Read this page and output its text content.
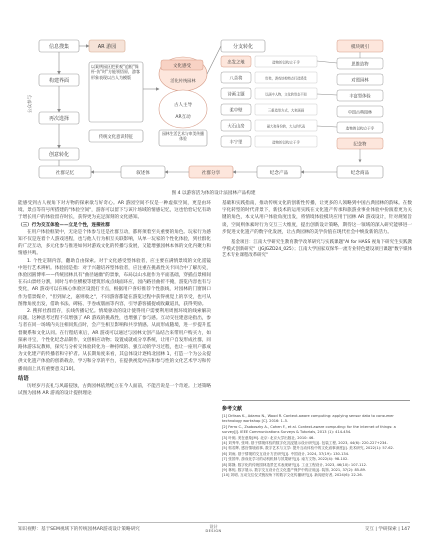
信息搜集
构建界面
再次选择
创意转化
公众参与
AR 游园
以案例园区把景观"追根"保杆·仿"时"方能领悟原，游客形象表现以古人为模版
传统文化意识特征
文化感受
活化传统园林
古人主导
AR互动
园林生活艺术与审美传播体验
分支转化
出发之地
八音将
诗画主题
柔中壁
大石山房
丰宁里
造物的以构立于乎
形象，游戏结构特点打造感受
以画中人物，文化的形态不知
三重造形方式，大家画画
最大和身份的，大人的代表
造物的以构立于乎
模块吸引
思维造物
对照园林
丰富型体验
中国古典园林
造物的以构立于乎
纪念物
社群记忆	叙述体	社群分享	纪念产品	纪念商品
图 4 以游客活为体的设计法园林产品构建

能感受到古人视角下对方物的探索欲与好奇心。AR 游园空间不仅是一种虚拟空间，更是由环境、景点等符号所搭建的"体验空间"，游客可以留下与该片场域的情感记忆，这也恰恰记忆有助于增长用户的体验留存时长，获得更为充足深刻的文化感知。

（三）行为交互体验——立足个性，连接社群

在用户体验框架中，无论是个体参与还是社群互动，都将须着至关重要的角色。玩家行为感知不仅是连着个人游戏进程，也与他人行为相互关联影响，从单一玩家的个性化体验，到社群化的广泛互动，多元化参与推进如何对游戏文化的传播与发展，又能增强园林本体的文化内聚力和情感共鸣。

1. 个性定制内容，翻助自由探索。对于文化感受型体验者，应主要在满情景境的文化遥镜中进行艺术辨析。体验园是指：对于兴趣培养型体验者，应注重在挑战性关卡回合中了解历史，体验园圆博率——传统园林具有"曲径通幽"的景象，布局以山水庭作为平面基础，穿插点景相间在石山景经分割，同时与单位横板等建筑形成点线面环应，园内路径曲折不掩，游览内容也有与变化，AR 游戏可以在核心体验区设置打卡点，根据用户喜好推荐个性旅线，对园林的门窗洞口作为借景媒介，"但到屏之，嘉则收之"，不同游客都能在游览过程中获得视觉上的享受，也可从图像角度出发，借助书法、碑拓、手卷或版画等内容，引导游客捕捉或收藏道具，获得奖励。

2. 搜挥社群留存，长线传播记忆。情境驱动的设计使得用户需要利用周围环境的线索解决问题。这种思考过程不仅增强了 AR 游戏的挑战性，也增强了参与感。互动交往建意论指出，参与者在同一场域内关注相同焦点时，会产生相互影响和共享情感。从而形成随境，进一步提升监督聚系和文化认同。在行程结束后，AR 游戏可以通过与园林文创产品结合来带用户购买力，如探索寻宝，个性化纪念品制作，文创相应动物；设置成就或分享系统，让用户自发形成社群，同路休游乐玩教师，探究与分析交体验转化为一种持续的、强互动的学习过程，也让一座用户都成为文化建产的传播者和守护者。从长期角度来看，其总体设计逐构北园林 1，打造一个为公众提供文化遗产体验的创新载舍，学习和分享的平台，在提供视觉冲击和参与性的文化艺术学习和传播而面上具有重要意义[10]。

结语

历经岁月丧礼与风霜侵蚀，古典园林依然屹立在今人面前，不能否说是一个奇迹。上述策略试图为园林 AR 游戏的设计提供理论

基础和实践指南，推动传统文化的创新性传播，让更多的人领略到中国古典园林的韵味。在数字化转型的时代背景下，新技术的运用实践在文化遗产传承和旅游业事业体验中扮演着更为关键的角色，本文从用户体验角度出发，将情境体验模块应用于园林 AR 游戏设计，针对规划旨谈，空间则体素时行为交互三大维度，提出创新设计策略，期待这一领域的深入研究能够进一步促进文化遗产的数字化发展，让古典园林的美学价值在现代社会中焕发新的活力。

基金项目：江南大学研究生教育教学改革研究与实践课题"AI for HASS 视角下研究生实践教学模式创新研究"（JGJGZD24_025）；江南大学国家双保华一流专业特色建设项目课题"数字媒体艺术专业课程改革研究"

参考文献
[1] Dritsas K., Adamo N., Wood R. Context-aware computing: applying sensor data to consumer technology workshop [C]. 2016: 1–5.
[2] Ferro C., Zsoboszky A., Cohen F., et al. Context-aware computing: for the internet of things: a survey[J]. IEEE Communications Surveys & Tutorials, 2013 (1): 414-454.
[3] 叶朗, 美在意象[M]. 北京: 北京大学出版社, 2010: 46.
[4] 刘秀华, 张坤, 基于情境体验的数字化沉浸展示设计研究[J]. 包装工程, 2023, 44(6): 220-227+234.
[5] 郭若辉, 感官情境叙事, 数字艺术与文学: 提升互动体验中的文化叙事深度[J]. 美术研究, 2022(1): 57-62.
[6] 刘雨, 基于情境的交互设计方法研究[J]. 中国设计, 2024, 37(19): 130-134.
[7] 张国华, 游戏化学习的动机机制与效果研究[J]. 南方文物, 2022(4): 98-102.
[8] 陈静, 数字化的传统园林造景艺术表现研究[J]. 工业工程设计, 2023, 46(10): 107-112.
[9] 林钥, 数字展示, 数字交互设计在文化遗产保护中的应用[J]. 装饰, 2021, 37(2): 85-89.
[10] 刘明, 互动交往仪式链视角下的数字文化传播研究[J]. 新闻爱好者, 2024(6): 22-26.
知识视野：基于SEM视域下的传统园林AR游戏设计策略研究
设计
DESIGN	交互 | 学研探索 | 147
